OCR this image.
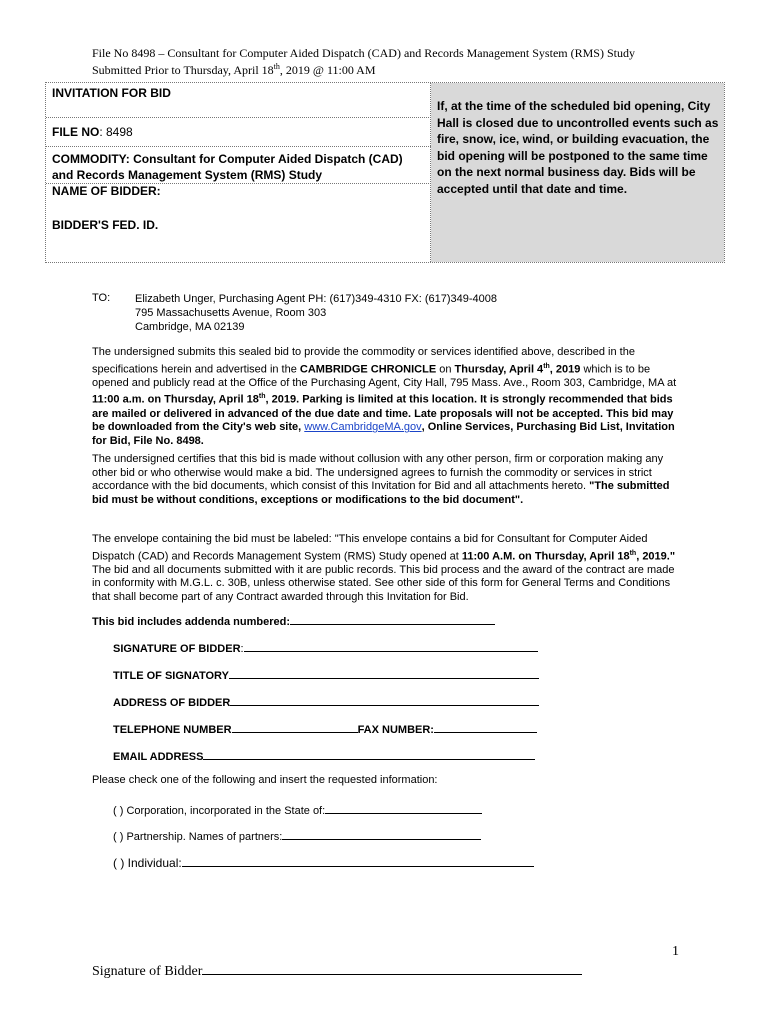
File No 8498 – Consultant for Computer Aided Dispatch (CAD) and Records Management System (RMS) Study
Submitted Prior to Thursday, April 18th, 2019 @ 11:00 AM
INVITATION FOR BID
FILE NO: 8498
COMMODITY: Consultant for Computer Aided Dispatch (CAD)
and Records Management System (RMS) Study
NAME OF BIDDER:
BIDDER'S FED. ID.
If, at the time of the scheduled bid opening, City Hall is closed due to uncontrolled events such as fire, snow, ice, wind, or building evacuation, the bid opening will be postponed to the same time on the next normal business day. Bids will be accepted until that date and time.
TO: Elizabeth Unger, Purchasing Agent PH: (617)349-4310 FX: (617)349-4008
795 Massachusetts Avenue, Room 303
Cambridge, MA 02139
The undersigned submits this sealed bid to provide the commodity or services identified above, described in the specifications herein and advertised in the CAMBRIDGE CHRONICLE on Thursday, April 4th, 2019 which is to be opened and publicly read at the Office of the Purchasing Agent, City Hall, 795 Mass. Ave., Room 303, Cambridge, MA at 11:00 a.m. on Thursday, April 18th, 2019. Parking is limited at this location. It is strongly recommended that bids are mailed or delivered in advanced of the due date and time. Late proposals will not be accepted. This bid may be downloaded from the City's web site, www.CambridgeMA.gov, Online Services, Purchasing Bid List, Invitation for Bid, File No. 8498.
The undersigned certifies that this bid is made without collusion with any other person, firm or corporation making any other bid or who otherwise would make a bid. The undersigned agrees to furnish the commodity or services in strict accordance with the bid documents, which consist of this Invitation for Bid and all attachments hereto. "The submitted bid must be without conditions, exceptions or modifications to the bid document".
The envelope containing the bid must be labeled: "This envelope contains a bid for Consultant for Computer Aided Dispatch (CAD) and Records Management System (RMS) Study opened at 11:00 A.M. on Thursday, April 18th, 2019." The bid and all documents submitted with it are public records. This bid process and the award of the contract are made in conformity with M.G.L. c. 30B, unless otherwise stated. See other side of this form for General Terms and Conditions that shall become part of any Contract awarded through this Invitation for Bid.
This bid includes addenda numbered:
SIGNATURE OF BIDDER:
TITLE OF SIGNATORY
ADDRESS OF BIDDER
TELEPHONE NUMBER	FAX NUMBER:
EMAIL ADDRESS
Please check one of the following and insert the requested information:
( ) Corporation, incorporated in the State of:
( ) Partnership. Names of partners:
( ) Individual:
1
Signature of Bidder
